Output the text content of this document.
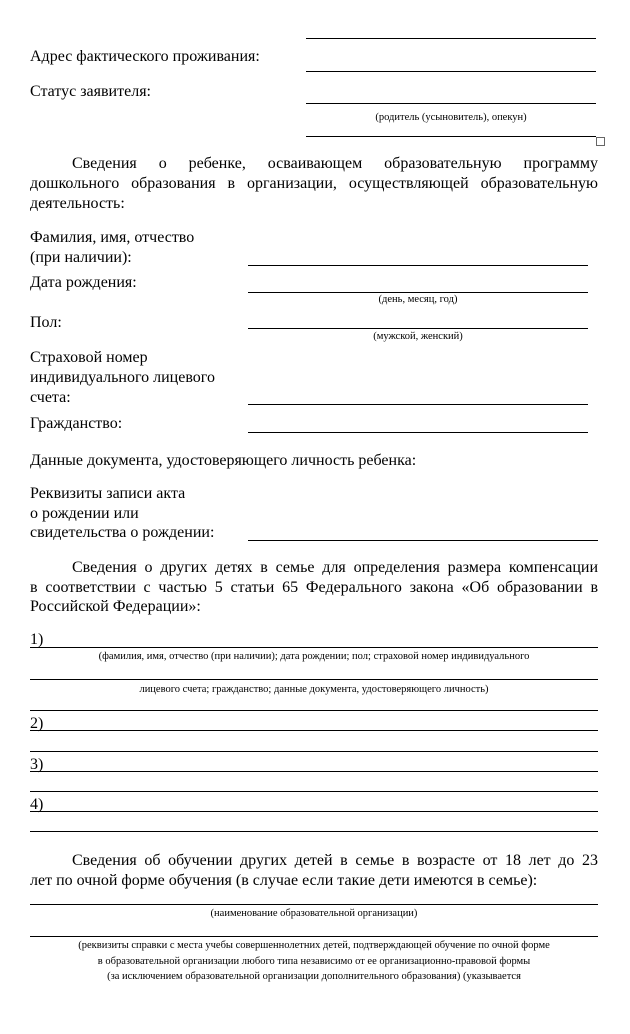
Адрес фактического проживания:
Статус заявителя:
(родитель (усыновитель), опекун)
Сведения о ребенке, осваивающем образовательную программу
дошкольного образования в организации, осуществляющей образовательную
деятельность:
Фамилия, имя, отчество
(при наличии):
Дата рождения:
(день, месяц, год)
Пол:
(мужской, женский)
Страховой номер
индивидуального лицевого
счета:
Гражданство:
Данные документа, удостоверяющего личность ребенка:
Реквизиты записи акта
о рождении или
свидетельства о рождении:
Сведения о других детях в семье для определения размера компенсации
в соответствии с частью 5 статьи 65 Федерального закона «Об образовании в
Российской Федерации»:
1)
(фамилия, имя, отчество (при наличии); дата рождении; пол; страховой номер индивидуального
лицевого счета; гражданство; данные документа, удостоверяющего личность)
2)
3)
4)
Сведения об обучении других детей в семье в возрасте от 18 лет до 23
лет по очной форме обучения (в случае если такие дети имеются в семье):
(наименование образовательной организации)
(реквизиты справки с места учебы совершеннолетних детей, подтверждающей обучение по очной форме
в образовательной организации любого типа независимо от ее организационно-правовой формы
(за исключением образовательной организации дополнительного образования) (указывается
